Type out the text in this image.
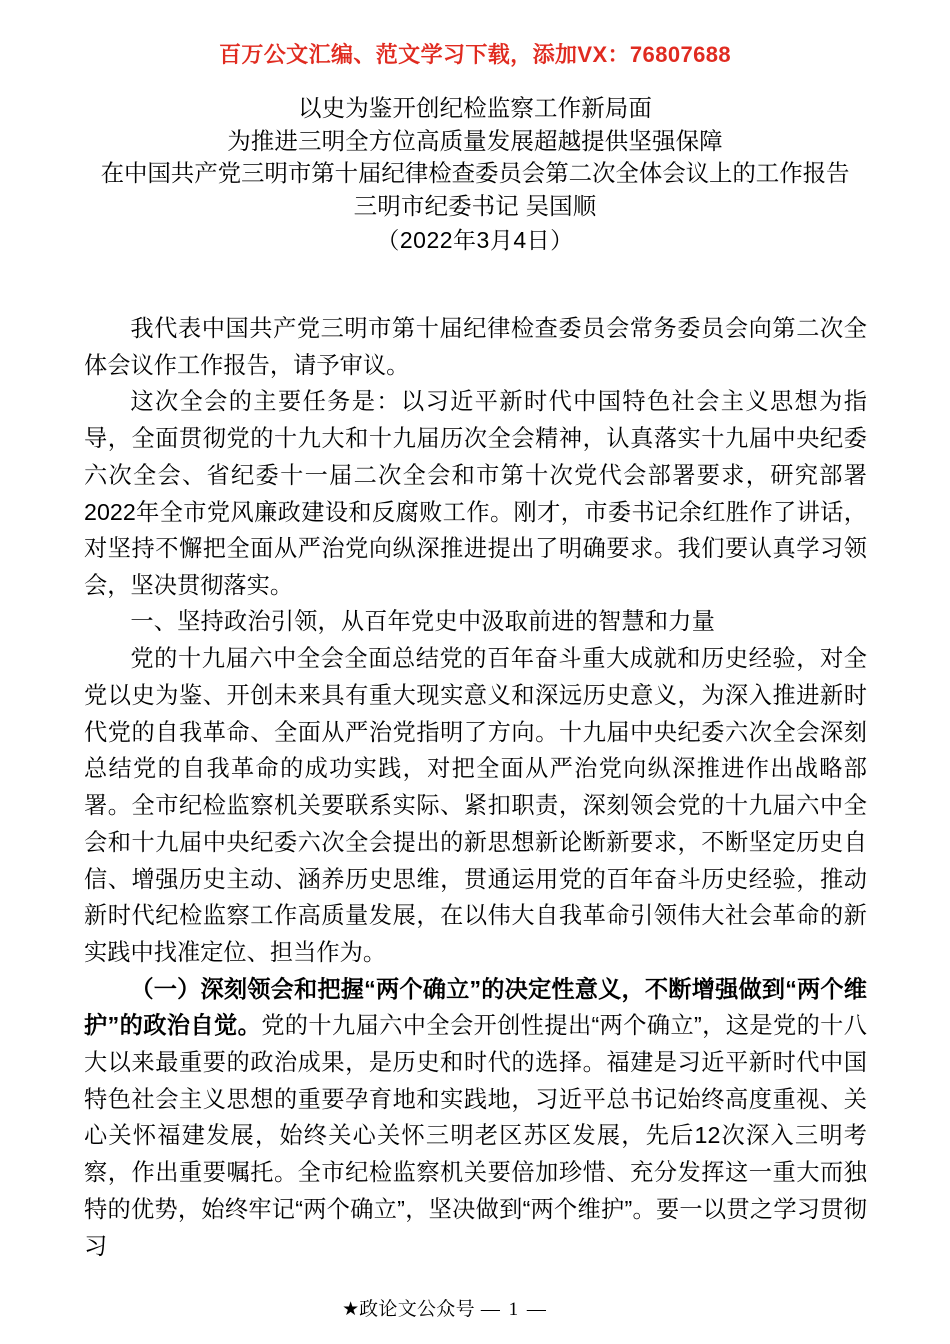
百万公文汇编、范文学习下载，添加VX：76807688
以史为鉴开创纪检监察工作新局面
为推进三明全方位高质量发展超越提供坚强保障
在中国共产党三明市第十届纪律检查委员会第二次全体会议上的工作报告
三明市纪委书记 吴国顺
（2022年3月4日）

我代表中国共产党三明市第十届纪律检查委员会常务委员会向第二次全体会议作工作报告，请予审议。

这次全会的主要任务是：以习近平新时代中国特色社会主义思想为指导，全面贯彻党的十九大和十九届历次全会精神，认真落实十九届中央纪委六次全会、省纪委十一届二次全会和市第十次党代会部署要求，研究部署2022年全市党风廉政建设和反腐败工作。刚才，市委书记余红胜作了讲话，对坚持不懈把全面从严治党向纵深推进提出了明确要求。我们要认真学习领会，坚决贯彻落实。

一、坚持政治引领，从百年党史中汲取前进的智慧和力量

党的十九届六中全会全面总结党的百年奋斗重大成就和历史经验，对全党以史为鉴、开创未来具有重大现实意义和深远历史意义，为深入推进新时代党的自我革命、全面从严治党指明了方向。十九届中央纪委六次全会深刻总结党的自我革命的成功实践，对把全面从严治党向纵深推进作出战略部署。全市纪检监察机关要联系实际、紧扣职责，深刻领会党的十九届六中全会和十九届中央纪委六次全会提出的新思想新论断新要求，不断坚定历史自信、增强历史主动、涵养历史思维，贯通运用党的百年奋斗历史经验，推动新时代纪检监察工作高质量发展，在以伟大自我革命引领伟大社会革命的新实践中找准定位、担当作为。

（一）深刻领会和把握“两个确立”的决定性意义，不断增强做到“两个维护”的政治自觉。党的十九届六中全会开创性提出“两个确立”，这是党的十八大以来最重要的政治成果，是历史和时代的选择。福建是习近平新时代中国特色社会主义思想的重要孕育地和实践地，习近平总书记始终高度重视、关心关怀福建发展，始终关心关怀三明老区苏区发展，先后12次深入三明考察，作出重要嘱托。全市纪检监察机关要倍加珍惜、充分发挥这一重大而独特的优势，始终牢记“两个确立”，坚决做到“两个维护”。要一以贯之学习贯彻习

★政论文公众号 — 1 —
